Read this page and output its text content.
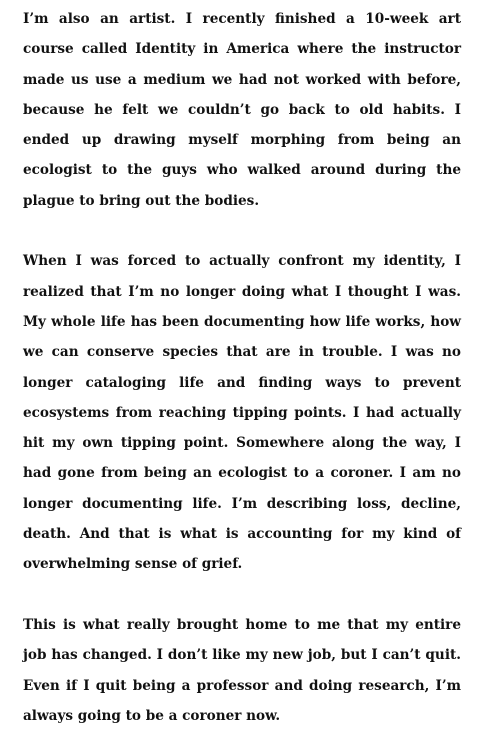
I’m also an artist. I recently finished a 10-week art course called Identity in America where the instructor made us use a medium we had not worked with before, because he felt we couldn’t go back to old habits. I ended up drawing myself morphing from being an ecologist to the guys who walked around during the plague to bring out the bodies.

When I was forced to actually confront my identity, I realized that I’m no longer doing what I thought I was. My whole life has been documenting how life works, how we can conserve species that are in trouble. I was no longer cataloging life and finding ways to prevent ecosystems from reaching tipping points. I had actually hit my own tipping point. Somewhere along the way, I had gone from being an ecologist to a coroner. I am no longer documenting life. I’m describing loss, decline, death. And that is what is accounting for my kind of overwhelming sense of grief.

This is what really brought home to me that my entire job has changed. I don’t like my new job, but I can’t quit. Even if I quit being a professor and doing research, I’m always going to be a coroner now.
